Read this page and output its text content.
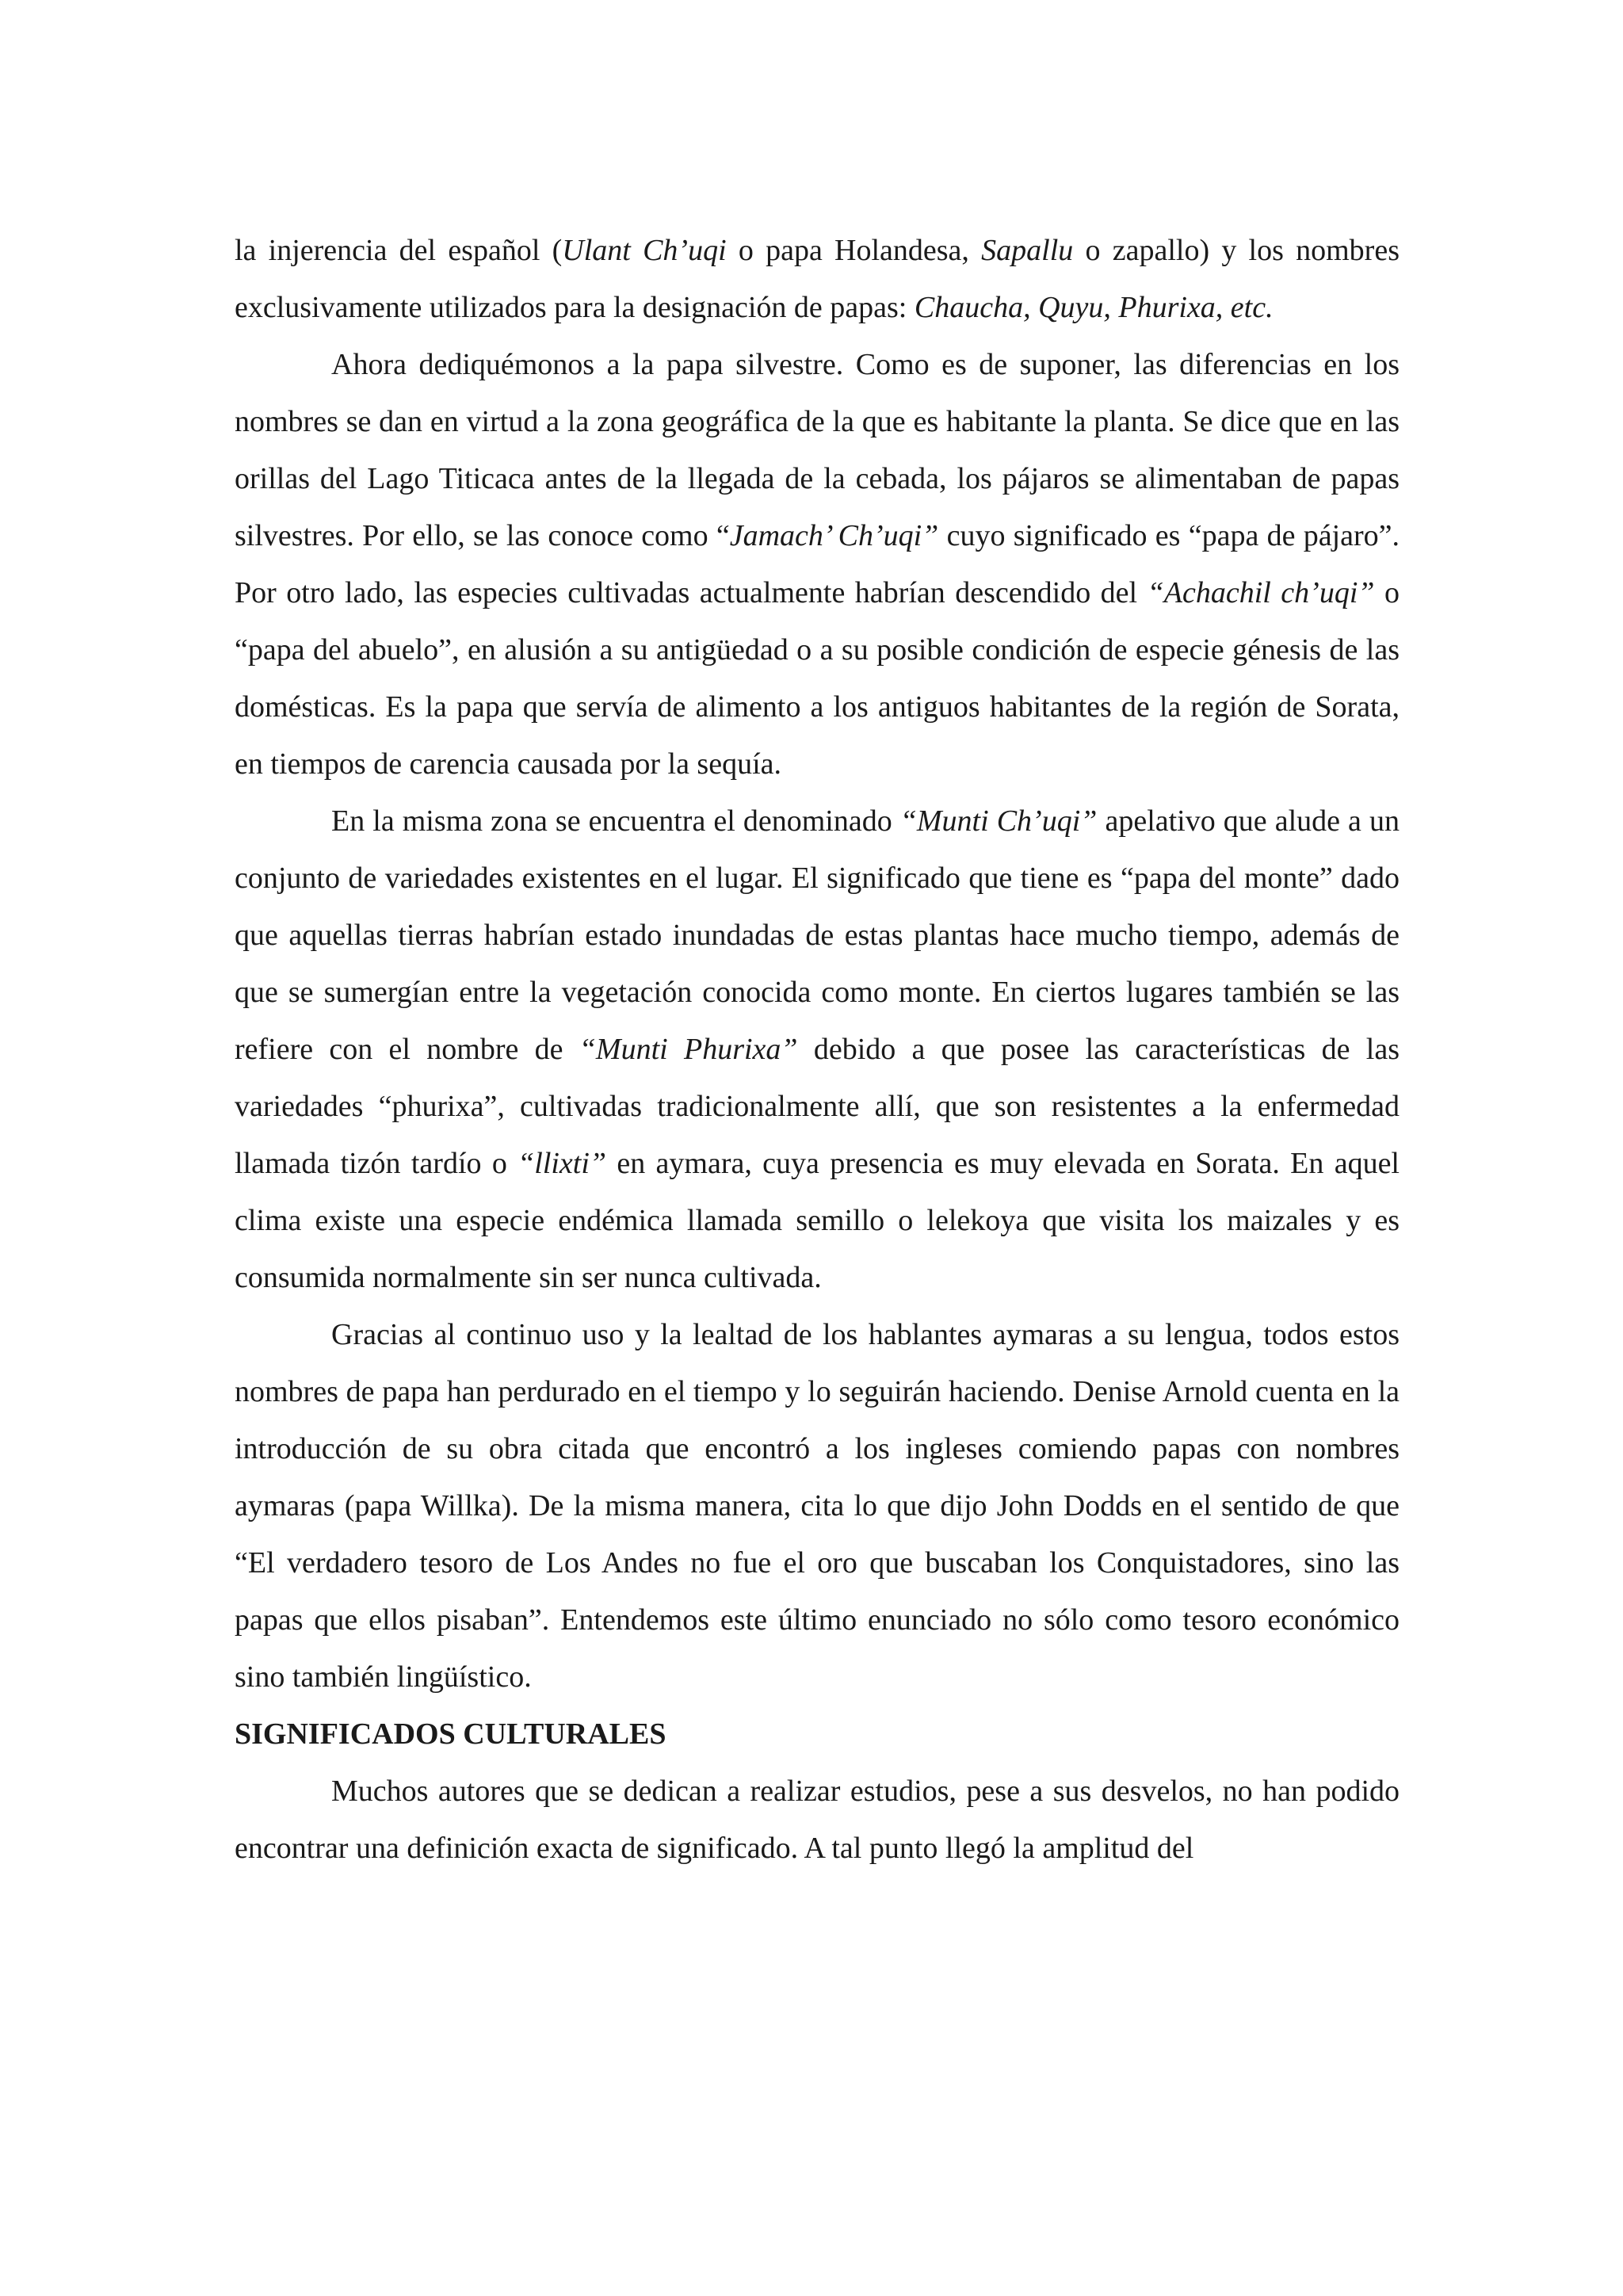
la injerencia del español (Ulant Ch’uqi o papa Holandesa, Sapallu o zapallo) y los nombres exclusivamente utilizados para la designación de papas: Chaucha, Quyu, Phurixa, etc.

Ahora dediquémonos a la papa silvestre. Como es de suponer, las diferencias en los nombres se dan en virtud a la zona geográfica de la que es habitante la planta. Se dice que en las orillas del Lago Titicaca antes de la llegada de la cebada, los pájaros se alimentaban de papas silvestres. Por ello, se las conoce como “Jamach’ Ch’uqi” cuyo significado es “papa de pájaro”. Por otro lado, las especies cultivadas actualmente habrían descendido del “Achachil ch’uqi” o “papa del abuelo”, en alusión a su antigüedad o a su posible condición de especie génesis de las domésticas. Es la papa que servía de alimento a los antiguos habitantes de la región de Sorata, en tiempos de carencia causada por la sequía.

En la misma zona se encuentra el denominado “Munti Ch’uqi” apelativo que alude a un conjunto de variedades existentes en el lugar. El significado que tiene es “papa del monte” dado que aquellas tierras habrían estado inundadas de estas plantas hace mucho tiempo, además de que se sumergían entre la vegetación conocida como monte. En ciertos lugares también se las refiere con el nombre de “Munti Phurixa” debido a que posee las características de las variedades “phurixa”, cultivadas tradicionalmente allí, que son resistentes a la enfermedad llamada tizón tardío o “llixti” en aymara, cuya presencia es muy elevada en Sorata. En aquel clima existe una especie endémica llamada semillo o lelekoya que visita los maizales y es consumida normalmente sin ser nunca cultivada.

Gracias al continuo uso y la lealtad de los hablantes aymaras a su lengua, todos estos nombres de papa han perdurado en el tiempo y lo seguirán haciendo. Denise Arnold cuenta en la introducción de su obra citada que encontró a los ingleses comiendo papas con nombres aymaras (papa Willka). De la misma manera, cita lo que dijo John Dodds en el sentido de que “El verdadero tesoro de Los Andes no fue el oro que buscaban los Conquistadores, sino las papas que ellos pisaban”. Entendemos este último enunciado no sólo como tesoro económico sino también lingüístico.

SIGNIFICADOS CULTURALES

Muchos autores que se dedican a realizar estudios, pese a sus desvelos, no han podido encontrar una definición exacta de significado. A tal punto llegó la amplitud del
